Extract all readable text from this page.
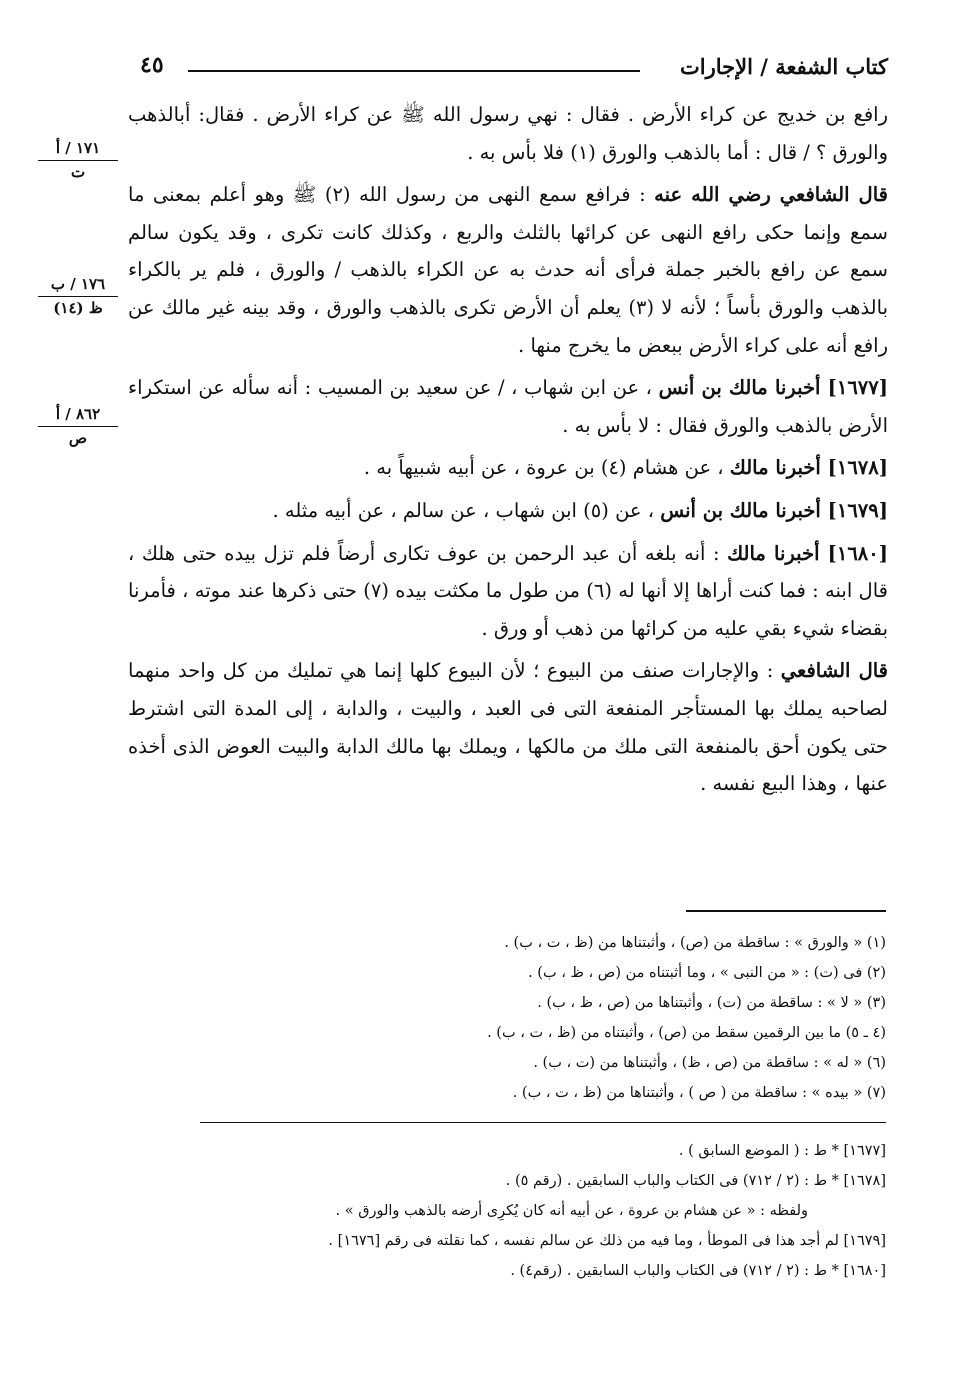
كتاب الشفعة / الإجارات
٤٥
١٧١ / أ
ت
١٧٦ / ب
ظ (١٤)
٨٦٢ / أ
ص

رافع بن خديج عن كراء الأرض . فقال : نهي رسول الله ﷺ عن كراء الأرض . فقال: أبالذهب والورق ؟ / قال : أما بالذهب والورق (١) فلا بأس به .

قال الشافعي رضي الله عنه : فرافع سمع النهى من رسول الله (٢) ﷺ وهو أعلم بمعنى ما سمع وإنما حكى رافع النهى عن كرائها بالثلث والربع ، وكذلك كانت تكرى ، وقد يكون سالم سمع عن رافع بالخبر جملة فرأى أنه حدث به عن الكراء بالذهب / والورق ، فلم ير بالكراء بالذهب والورق بأساً ؛ لأنه لا (٣) يعلم أن الأرض تكرى بالذهب والورق ، وقد بينه غير مالك عن رافع أنه على كراء الأرض ببعض ما يخرج منها .

[١٦٧٧] أخبرنا مالك بن أنس ، عن ابن شهاب ، / عن سعيد بن المسيب : أنه سأله عن استكراء الأرض بالذهب والورق فقال : لا بأس به .

[١٦٧٨] أخبرنا مالك ، عن هشام (٤) بن عروة ، عن أبيه شبيهاً به .

[١٦٧٩] أخبرنا مالك بن أنس ، عن (٥) ابن شهاب ، عن سالم ، عن أبيه مثله .

[١٦٨٠] أخبرنا مالك : أنه بلغه أن عبد الرحمن بن عوف تكارى أرضاً فلم تزل بيده حتى هلك ، قال ابنه : فما كنت أراها إلا أنها له (٦) من طول ما مكثت بيده (٧) حتى ذكرها عند موته ، فأمرنا بقضاء شيء بقي عليه من كرائها من ذهب أو ورق .

قال الشافعي : والإجارات صنف من البيوع ؛ لأن البيوع كلها إنما هي تمليك من كل واحد منهما لصاحبه يملك بها المستأجر المنفعة التى فى العبد ، والبيت ، والدابة ، إلى المدة التى اشترط حتى يكون أحق بالمنفعة التى ملك من مالكها ، ويملك بها مالك الدابة والبيت العوض الذى أخذه عنها ، وهذا البيع نفسه .

(١) « والورق » : ساقطة من (ص) ، وأثبتناها من (ظ ، ت ، ب) .
(٢) فى (ت) : « من النبى » ، وما أثبتناه من (ص ، ظ ، ب) .
(٣) « لا » : ساقطة من (ت) ، وأثبتناها من (ص ، ظ ، ب) .
(٤ ـ ٥) ما بين الرقمين سقط من (ص) ، وأثبتناه من (ظ ، ت ، ب) .
(٦) « له » : ساقطة من (ص ، ظ) ، وأثبتناها من (ت ، ب) .
(٧) « بيده » : ساقطة من ( ص ) ، وأثبتناها من (ظ ، ت ، ب) .
[١٦٧٧] * ط : ( الموضع السابق ) .
[١٦٧٨] * ط : (٢ / ٧١٢) فى الكتاب والباب السابقين . (رقم ٥) .
ولفظه : « عن هشام بن عروة ، عن أبيه أنه كان يُكرِى أرضه بالذهب والورق » .
[١٦٧٩] لم أجد هذا فى الموطأ ، وما فيه من ذلك عن سالم نفسه ، كما نقلته فى رقم [١٦٧٦] .
[١٦٨٠] * ط : (٢ / ٧١٢) فى الكتاب والباب السابقين . (رقم٤) .
